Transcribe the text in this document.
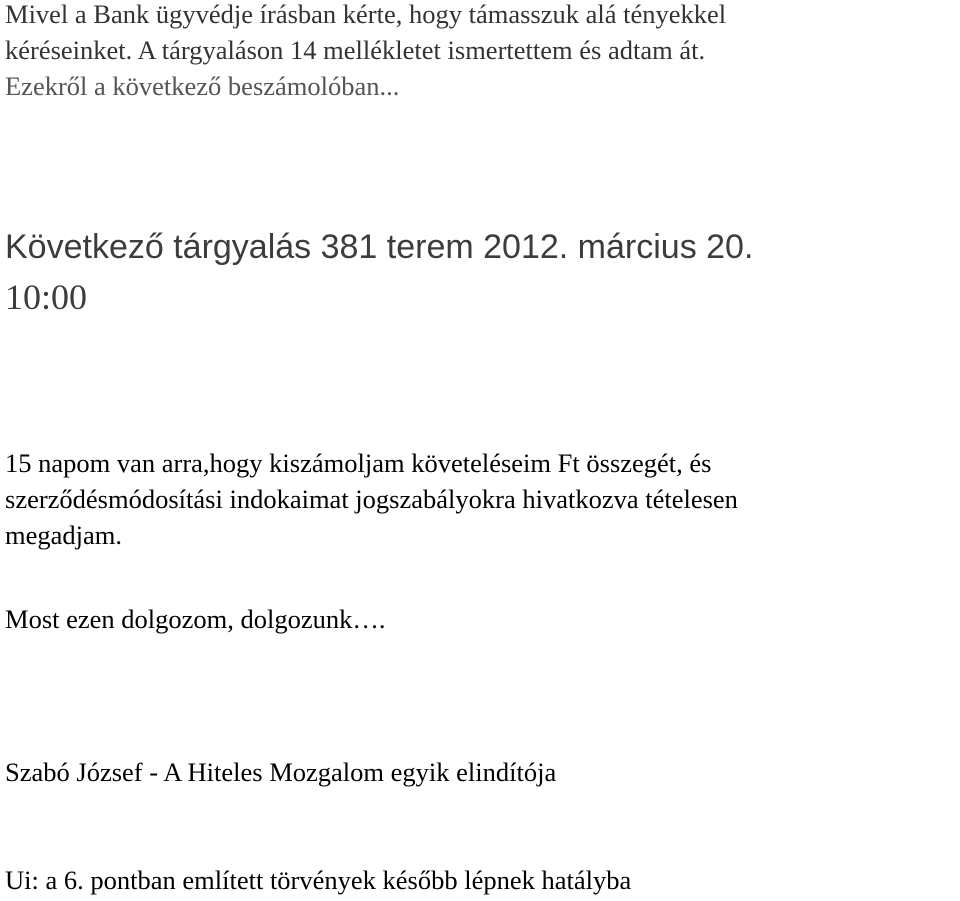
Mivel a Bank ügyvédje írásban kérte, hogy támasszuk alá tényekkel
kéréseinket. A tárgyaláson 14 mellékletet ismertettem és adtam át.
Ezekről a következő beszámolóban...
Következő tárgyalás 381 terem 2012. március 20.
10:00
15 napom van arra,hogy kiszámoljam követeléseim Ft összegét, és
szerződésmódosítási indokaimat jogszabályokra hivatkozva tételesen
megadjam.
Most ezen dolgozom, dolgozunk….
Szabó József - A Hiteles Mozgalom egyik elindítója
Ui: a 6. pontban említett törvények később lépnek hatályba
